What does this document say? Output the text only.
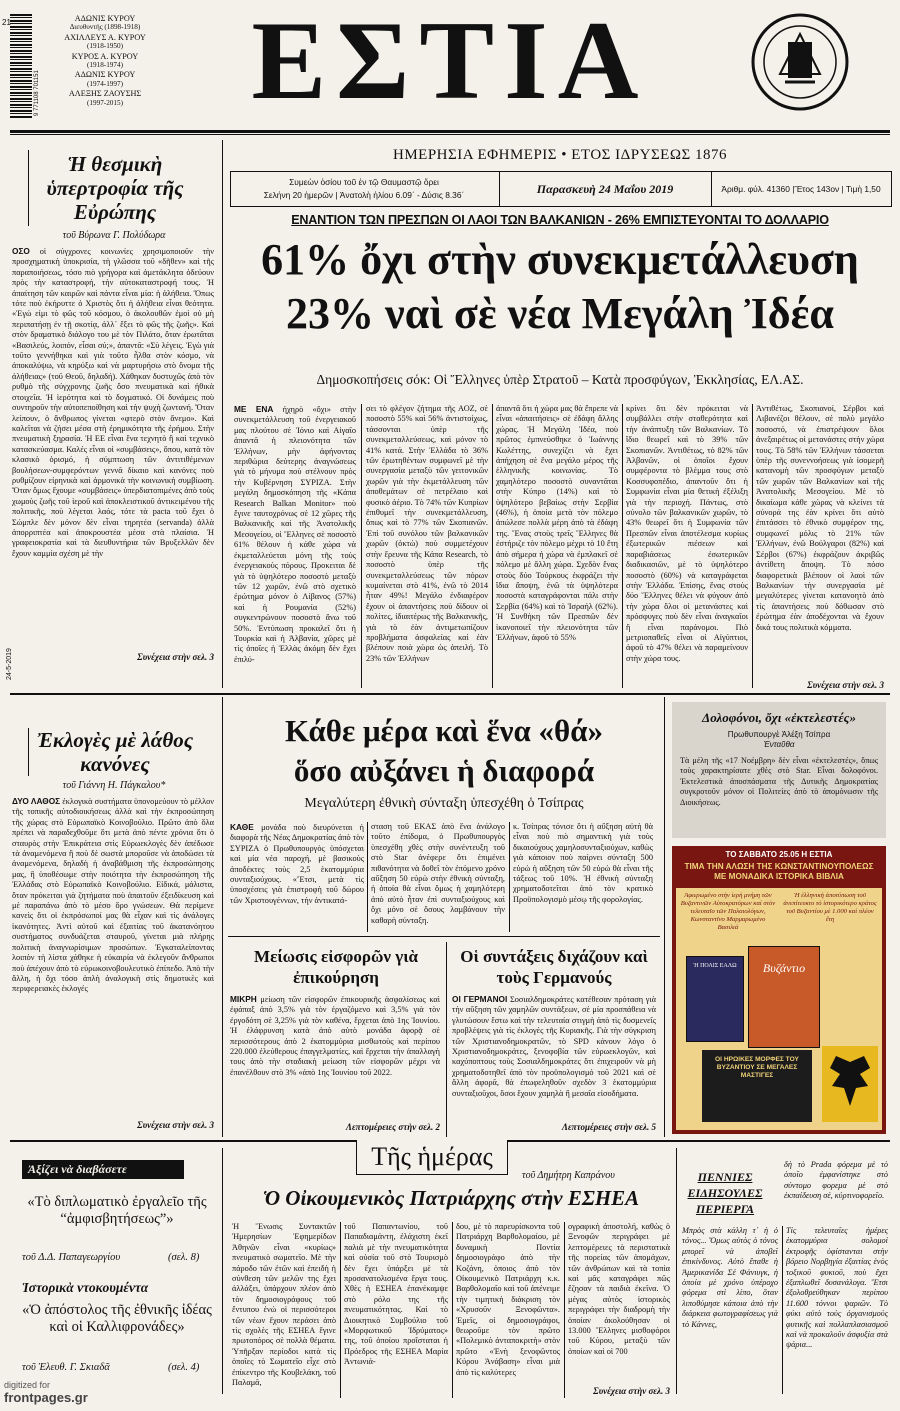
21
9 771108 701151
ΑΔΩΝΙΣ ΚΥΡΟΥ
Διευθυντής (1898-1918)
ΑΧΙΛΛΕΥΣ Α. ΚΥΡΟΥ
(1918-1950)
ΚΥΡΟΣ Α. ΚΥΡΟΥ
(1918-1974)
ΑΔΩΝΙΣ ΚΥΡΟΥ
(1974-1997)
ΑΛΕΞΗΣ ΖΑΟΥΣΗΣ
(1997-2015)	ΕΣΤΙΑ
ΗΜΕΡΗΣΙΑ ΕΦΗΜΕΡΙΣ • ΕΤΟΣ ΙΔΡΥΣΕΩΣ 1876
Συμεὼν ὁσίου τοῦ ἐν τῷ Θαυμαστῷ ὄρει
Σελήνη 20 ἡμερῶν | Ἀνατολὴ ἡλίου 6.09΄ - Δύσις 8.36΄	Παρασκευὴ 24 Μαΐου 2019	Ἀριθμ. φύλ. 41360 |Ἔτος 143ον | Τιμὴ 1,50
Ἡ θεσμικὴ ὑπερτροφία τῆς Εὐρώπης
τοῦ Βύρωνα Γ. Πολύδωρα
ΟΣΟ οἱ σύγχρονες κοινωνίες χρησιμοποιοῦν τὴν προσχηματικὴ ὑποκρισία, τὴ γλῶσσα τοῦ «δῆθεν» καὶ τῆς παραποιήσεως, τόσο πιὸ γρήγορα καὶ ἀμετάκλητα ὁδεύουν πρὸς τὴν καταστροφή, τὴν αὐτοκαταστροφή τους. Ἡ ἀπαίτηση τῶν καιρῶν καὶ πάντα εἶναι μία: ἡ ἀλήθεια. Ὅπως τότε ποὺ ἐκήρυττε ὁ Χριστὸς ὅτι ἡ ἀλήθεια εἶναι θεότητα. «Ἐγώ εἰμι τὸ φῶς τοῦ κόσμου, ὁ ἀκολουθῶν ἐμοὶ οὐ μὴ περιπατήσῃ ἐν τῇ σκοτίᾳ, ἀλλ᾽ ἕξει τὸ φῶς τῆς ζωῆς». Καὶ στὸν δραματικὸ διάλογο του μὲ τὸν Πιλάτο, ὅταν ἐρωτᾶται «Βασιλεύς, λοιπόν, εἶσαι σύ;», ἀπαντᾶ: «Σὺ λέγεις. Ἐγὼ γιὰ τοῦτο γεννήθηκα καὶ γιὰ τοῦτο ἦλθα στὸν κόσμο, νὰ ἀποκαλύψω, νὰ κηρύξω καὶ νὰ μαρτυρήσω στὸ ὄνομα τῆς ἀλήθειας» (τοῦ Θεοῦ, δηλαδή). Χάθηκαν δυστυχῶς ἀπὸ τὸν ρυθμὸ τῆς σύγχρονης ζωῆς ὅσο πνευματικὰ καὶ ἠθικὰ στοιχεῖα. Ἡ ἱερότητα καὶ τὸ δογματικό. Οἱ δυνάμεις ποὺ συντηροῦν τὴν αὐτοπεποίθηση καὶ τὴν ψυχὴ ζωντανή. Ὅταν λείπουν, ὁ ἄνθρωπος γίνεται «φτερὸ στὸν ἄνεμο». Καὶ καλεῖται νὰ ζήσει μέσα στὴ ἐρημικότητα τῆς ἐρήμου. Στὴν πνευματικὴ ξηρασία. Ἡ ΕΕ εἶναι ἕνα τεχνητὸ ἢ καὶ τεχνικὸ κατασκεύασμα. Καλές εἶναι οἱ «συμβάσεις», ὅπου, κατὰ τὸν κλασικὸ ὁρισμό, ἡ σύμπτωση τῶν ἀντιτιθέμενων βουλήσεων-συμφερόντων γεννᾶ δίκαιο καὶ κανόνες ποὺ ρυθμίζουν εἰρηνικὰ καὶ ἁρμονικὰ τὴν κοινωνικὴ συμβίωση. Ὅταν ὅμως ἔχουμε «συμβάσεις» ὑπερδιατοπιμένες ἀπὸ τοὺς χωμοὺς ζωῆς τοῦ ἱεροῦ καὶ ἀποκλειστικοῦ ἀντικειμένου τῆς πολιτικῆς, ποὺ λέγεται λαός, τότε τὰ pacta τοῦ ἔχει ὁ Σώμπλε δὲν μόνον δὲν εἶναι τηρητέα (servanda) ἀλλὰ ἀπορριπτέα καὶ ἀποκρουστέα μέσα στὰ πλαίσια. Ἡ γραφειοκρατία καὶ τὰ διευθυντήρια τῶν Βρυξελλῶν δὲν ἔχουν καμμία σχέση μὲ τὴν
Συνέχεια στὴν σελ. 3
24-5-2019
ΕΝΑΝΤΙΟΝ ΤΩΝ ΠΡΕΣΠΩΝ ΟΙ ΛΑΟΙ ΤΩΝ ΒΑΛΚΑΝΙΩΝ - 26% ΕΜΠΙΣΤΕΥΟΝΤΑΙ ΤΟ ΔΟΛΛΑΡΙΟ
61% ὄχι στὴν συνεκμετάλλευση
23% ναὶ σὲ νέα Μεγάλη Ἰδέα
Δημοσκοπήσεις σόκ: Οἱ Ἕλληνες ὑπὲρ Στρατοῦ – Κατὰ προσφύγων, Ἐκκλησίας, ΕΛ.ΑΣ.
ΜΕ ΕΝΑ ἠχηρὸ «ὄχι» στὴν συνεκμετάλλευση τοῦ ἐνεργειακοῦ μας πλούτου σὲ Ἰόνιο καὶ Αἰγαῖο ἀπαντᾶ ἡ πλειονότητα τῶν Ἑλλήνων, μὴν ἀφήνοντας περιθώρια δεύτερης ἀναγνώσεως γιὰ τὸ μήνυμα ποὺ στέλνουν πρὸς τὴν Κυβέρνηση ΣΥΡΙΖΑ. Στὴν μεγάλη δημοσκόπηση τῆς «Kάπα Research Balkan Monitor» ποὺ ἔγινε ταυτοχρόνως σὲ 12 χῶρες τῆς Βαλκανικῆς καὶ τῆς Ἀνατολικῆς Μεσογείου, οἱ Ἕλληνες σὲ ποσοστὸ 61% θέλουν ἡ κάθε χώρα νὰ ἐκμεταλλεύεται μόνη τῆς τοὺς ἐνεργειακοὺς πόρους. Προκειται δὲ γιὰ τὸ ὑψηλότερο ποσοστὸ μεταξὺ τῶν 12 χωρῶν, ἐνῶ στὸ σχετικὸ ἐρώτημα μόνον ὁ Λίβανος (57%) καὶ ἡ Ρουμανία (52%) συγκεντρώνουν ποσοστὸ ἄνω τοῦ 50%. Ἐντύπωση προκαλεῖ ὅτι ἡ Τουρκία καὶ ἡ Ἀλβανία, χῶρες μὲ τὶς ὁποῖες ἡ Ἑλλὰς ἀκόμη δὲν ἔχει ἐπιλύ-
σει τὸ φλέγον ζήτημα τῆς ΑΟΖ, σὲ ποσοστὸ 55% καὶ 56% ἀντιστοίχως, τάσσονται ὑπὲρ τῆς συνεκμεταλλεύσεως, καὶ μόνον τὸ 41% κατά. Στὴν Ἑλλάδα τὸ 36% τῶν ἐρωτηθέντων συμφωνεῖ μὲ τὴν συνεργασία μεταξὺ τῶν γειτονικῶν χωρῶν γιὰ τὴν ἐκμετάλλευση τῶν ἀποθεμάτων σὲ πετρέλαιο καὶ φυσικὸ ἀέριο. Τὸ 74% τῶν Κυπρίων ἐπιθυμεῖ τὴν συνεκμετάλλευση, ὅπως καὶ τὸ 77% τῶν Σκοπιανῶν. Ἐπὶ τοῦ συνόλου τῶν βαλκανικῶν χωρῶν (ὀκτὼ) ποὺ συμμετέχουν στὴν ἔρευνα τῆς Κάπα Research, τὸ ποσοστὸ ὑπὲρ τῆς συνεκμεταλλεύσεως τῶν πόρων κυμαίνεται στὸ 41%, ἐνῶ τὸ 2014 ἦταν 49%! Μεγάλο ἐνδιαφέρον ἔχουν οἱ ἀπαντήσεις ποὺ δίδουν οἱ πολίτες, ἰδιαιτέρως τῆς Βαλκανικῆς, γιὰ τὸ ἐὰν ἀντιμετωπίζουν προβλήματα ἀσφαλείας καὶ ἐὰν βλέπουν ποιὰ χώρα ὡς ἀπειλή. Τὸ 23% τῶν Ἑλλήνων
ἀπαντᾶ ὅτι ἡ χώρα μας θὰ ἔπρεπε νὰ εἶναι «ἀπαιτήσεις» σὲ ἐδάφη ἄλλης χώρας. Ἡ Μεγάλη Ἰδέα, ποὺ πρῶτος ἐμπνεύσθηκε ὁ Ἰωάννης Κωλέττης, συνεχίζει νὰ ἔχει ἀπήχηση σὲ ἕνα μεγάλο μέρος τῆς ἑλληνικῆς κοινωνίας. Τὸ χαμηλότερο ποσοστὸ συναντᾶται στὴν Κύπρο (14%) καὶ τὸ ὑψηλότερο βεβαίως στὴν Σερβία (46%), ἡ ὁποία μετὰ τὸν πόλεμο ἀπώλεσε πολλὰ μέρη ἀπὸ τὰ ἐδάφη της. Ἕνας στοὺς τρεῖς Ἕλληνες θὰ ἐστήριζε τὸν πόλεμο μέχρι τὸ 10 ἔτη ἀπὸ σήμερα ἡ χώρα νὰ ἐμπλακεῖ σὲ πόλεμο μὲ ἄλλη χώρα. Σχεδὸν ἕνας στοὺς δύο Τούρκους ἐκφράζει τὴν ἴδια ἄποψη, ἐνῶ τὰ ὑψηλότερα ποσοστὰ καταγράφονται πάλι στὴν Σερβία (64%) καὶ τὸ Ἰσραήλ (62%). Ἡ Συνθήκη τῶν Πρεσπῶν δὲν ἱκανοποιεῖ τὴν πλειονότητα τῶν Ἑλλήνων, ἀφοῦ τὸ 55%
κρίνει ὅτι δὲν πρόκειται νὰ συμβάλλει στὴν σταθερότητα καὶ τὴν ἀνάπτυξη τῶν Βαλκανίων. Τὸ ἴδιο θεωρεῖ καὶ τὸ 39% τῶν Σκοπιανῶν. Ἀντιθέτως, τὸ 82% τῶν Ἀλβανῶν, οἱ ὁποῖοι ἔχουν συμφέροντα τὸ βλέμμα τους στὸ Κοσσυφοπέδιο, ἀπαντοῦν ὅτι ἡ Συμφωνία εἶναι μία θετικὴ ἐξέλιξη γιὰ τὴν περιοχή. Πάντως, στὸ σύνολο τῶν βαλκανικῶν χωρῶν, τὸ 43% θεωρεῖ ὅτι ἡ Συμφωνία τῶν Πρεσπῶν εἶναι ἀποτέλεσμα κυρίως ἐξωτερικῶν πιέσεων καὶ παραβιάσεως ἐσωτερικῶν διαδικασιῶν, μὲ τὸ ὑψηλότερο ποσοστὸ (60%) νὰ καταγράφεται στὴν Ἑλλάδα. Ἐπίσης, ἕνας στοὺς δύο Ἕλληνες θέλει νὰ φύγουν ἀπὸ τὴν χώρα ὅλοι οἱ μετανάστες καὶ πρόσφυγες ποὺ δὲν εἶναι ἀναγκαῖοι ἢ εἶναι παράνομοι. Πιὸ μετριοπαθεῖς εἶναι οἱ Αἰγύπτιοι, ἀφοῦ τὸ 47% θέλει νὰ παραμείνουν στὴν χώρα τους.
Ἀντιθέτως, Σκοπιανοί, Σέρβοι καὶ Λιβανέζοι θέλουν, σὲ πολὺ μεγάλο ποσοστό, νὰ ἐπιστρέψουν ὅλοι ἀνεξαιρέτως οἱ μετανάστες στὴν χώρα τους. Τὸ 58% τῶν Ἑλλήνων τάσσεται ὑπὲρ τῆς συνεννοήσεως γιὰ ἰσομερῆ κατανομὴ τῶν προσφύγων μεταξὺ τῶν χωρῶν τῶν Βαλκανίων καὶ τῆς Ἀνατολικῆς Μεσογείου. Μὲ τὸ δικαίωμα κάθε χώρας νὰ κλείνει τὰ σύνορά της ἐὰν κρίνει ὅτι αὐτὸ ἐπιτάσσει τὸ ἐθνικὸ συμφέρον της, συμφωνεῖ μόλις τὸ 21% τῶν Ἑλλήνων, ἐνῶ Βούλγαροι (82%) καὶ Σέρβοι (67%) ἐκφράζουν ἀκριβῶς ἀντίθετη ἄποψη. Τὸ πόσο διαφορετικὰ βλέπουν οἱ λαοὶ τῶν Βαλκανίων τὴν συνεργασία μὲ μεγαλύτερες γίνεται κατανοητὸ ἀπὸ τὶς ἀπαντήσεις ποὺ δόθωσαν στὸ ἐρώτημα ἐὰν ἀποδέχονται νὰ ἔχουν δικά τους πολιτικὰ κόμματα.
Συνέχεια στὴν σελ. 3
Ἐκλογὲς μὲ λάθος κανόνες
τοῦ Γιάννη Η. Πάγκαλου*
ΔΥΟ ΛΑΘΟΣ ἐκλογικὰ συστήματα ὑπονομεύουν τὸ μέλλον τῆς τοπικῆς αὐτοδιοικήσεως ἀλλὰ καὶ τὴν ἐκπροσώπηση τῆς χώρας στὸ Εὐρωπαϊκὸ Κοινοβούλιο. Πρῶτο ἀπὸ ὅλα πρέπει νὰ παραδεχθοῦμε ὅτι μετὰ ἀπὸ πέντε χρόνια ὅτι ὁ σταυρὸς στὴν Ἐπικράτεια στὶς Εὐρωεκλογὲς δὲν ἀπέδωσε τὰ ἀναμενόμενα ἢ ποὺ δὲ σωστὰ μποροῦσε νὰ ἀποδώσει τὰ ἀναμενόμενα, δηλαδὴ ἡ ἀναβάθμιση τῆς ἐκπροσώπησης μας, ἢ ὑποθέσωμε στὴν ποιότητα τὴν ἐκπροσώπηση τῆς Ἑλλάδας στὸ Εὐρωπαϊκὸ Κοινοβούλιο. Εἰδικά, μάλιστα, ὅταν πρόκειται γιὰ ζητήματα ποὺ ἀπαιτοῦν ἐξειδίκευση καὶ μὲ παραπάνω ἀπὸ τὸ μέσο ὅρο γνώσεων. Θὰ περίμενε κανεὶς ὅτι οἱ ἐκπρόσωποί μας θὰ εἶχαν καὶ τὶς ἀνάλογες ἱκανότητες. Ἀντὶ αὐτοῦ καὶ ἐξαιτίας τοῦ ἀκατανόητου συστήματος συνδυάζεται σταυροῦ, γίνεται μιὰ πλήρης πολιτικὴ ἀναγνωρίσιμων προσώπων. Ἐγκαταλείποντας λοιπὸν τὴ λίστα χάθηκε ἡ εὐκαιρία νὰ ἐκλεγοῦν ἄνθρωποι ποὺ ἀπέχουν ἀπὸ τὸ εὐρωκοινοβουλευτικὸ ἐπίπεδο. Ἀπὸ τὴν ἄλλη, ἡ ὅχι τόσο ἁπλὴ ἀναλογικὴ στὶς δημοτικὲς καὶ περιφερειακὲς ἐκλογές
Συνέχεια στὴν σελ. 3
Κάθε μέρα καὶ ἕνα «θά»
ὅσο αὐξάνει ἡ διαφορά
Μεγαλύτερη ἐθνικὴ σύνταξη ὑπεσχέθη ὁ Τσίπρας
ΚΑΘΕ μονάδα ποὺ διευρύνεται ἡ διαφορὰ τῆς Νέας Δημοκρατίας ἀπὸ τὸν ΣΥΡΙΖΑ ὁ Πρωθυπουργὸς ὑπόσχεται καὶ μία νέα παροχή, μὲ βασικοὺς ἀποδέκτες τοὺς 2,5 ἑκατομμύρια συνταξιούχους. «Ἔτσι, μετὰ τὶς ὑποσχέσεις γιὰ ἐπιστροφὴ τοῦ δώρου τῶν Χριστουγέννων, τὴν ἀντικατά-
σταση τοῦ ΕΚΑΣ ἀπὸ ἕνα ἀνάλογο τοῦτο ἐπίδομα, ὁ Πρωθυπουργὸς ὑπεσχέθη χθὲς στὴν συνέντευξη τοῦ στὸ Star ἀνέφερε ὅτι ἐπιμένει πιθανότητα νὰ δοθεῖ τὸν ἐπόμενο χρόνο αὔξηση 50 εὐρὼ στὴν ἐθνικὴ σύνταξη, ἡ ὁποία θὰ εἶναι ὅμως ἡ χαμηλότερη ἀπὸ αὐτὸ ἦταν ἐπὶ συνταξιούχους καὶ ὄχι μόνο σὲ ὅσους λαμβάνουν τὴν καθαρὴ σύνταξη.
κ. Τσίπρας τόνισε ὅτι ἡ αὔξηση αὐτὴ θὰ εἶναι ποὺ πιὸ σημαντικὴ γιὰ τοὺς δικαιούχους χαμηλοσυνταξιούχων, καθὼς γιὰ κάποιον ποὺ παίρνει σύνταξη 500 εὐρὼ ἡ αὔξηση τῶν 50 εὐρὼ θὰ εἶναι τῆς τάξεως τοῦ 10%. Ἡ ἐθνικὴ σύνταξη χρηματοδοτεῖται ἀπὸ τὸν κρατικὸ Προϋπολογισμὸ μέσῳ τῆς φορολογίας.
Μείωσις εἰσφορῶν γιὰ ἐπικούρηση
ΜΙΚΡΗ μείωση τῶν εἰσφορῶν ἐπικουρικῆς ἀσφαλίσεως καὶ ἐφάπαξ ἀπὸ 3,5% γιὰ τὸν ἐργαζόμενο καὶ 3,5% γιὰ τὸν ἐργοδότη σὲ 3,25% γιὰ τὸν καθένα, ἔρχεται ἀπὸ 1ης Ἰουνίου. Ἡ ἐλάφρυνση κατὰ ἀπὸ αὐτὸ μονάδα ἀφορᾷ σὲ περισσότερους ἀπὸ 2 ἑκατομμύρια μισθωτοὺς καὶ περίπου 220.000 ἐλεύθερους ἐπαγγελματίες, καὶ ἔρχεται τὴν ἀπαλλαγὴ τους ἀπὸ τὴν σταδιακὴ μείωση τῶν εἰσφορῶν μέχρι νὰ ἐπανέλθουν στὸ 3% «ἀπὸ 1ης Ἰουνίου τοῦ 2022.
Λεπτομέρειες στὴν σελ. 2
Οἱ συντάξεις διχάζουν καὶ τοὺς Γερμανούς
ΟΙ ΓΕΡΜΑΝΟΙ Σοσιαλδημοκράτες κατέθεσαν πρόταση γιὰ τὴν αὔξηση τῶν χαμηλῶν συντάξεων, σὲ μία προσπάθεια νὰ γλυτώσουν ἔστω καὶ τὴν τελευταία στιγμὴ ἀπὸ τὶς δυσμενεῖς προβλέψεις γιὰ τὶς ἐκλογὲς τῆς Κυριακῆς. Γιὰ τὴν σύγκριση τῶν Χριστιανοδημοκρατῶν, τὸ SPD κάνουν λόγο ὁ Χριστιανοδημοκράτες, ξενοφοβία τῶν εὐρωεκλογῶν, καὶ καχύποπτους τοὺς Σοσιαλδημοκράτες ὅτι ἐπιχειροῦν νὰ μὴ χρηματοδοτηθεῖ ἀπὸ τὸν προϋπολογισμό τοῦ 2021 καὶ σὲ ἄλλη ἀφορᾶ, θὰ ἐπωφεληθοῦν σχεδὸν 3 ἑκατομμύρια συνταξιοῦχοι, ὅσοι ἔχουν χαμηλὰ ἢ μεσαῖα εἰσοδήματα.
Λεπτομέρειες στὴν σελ. 5
Δολοφόνοι, ὄχι «ἐκτελεστές»
Πρωθυπουργὲ Ἀλέξη Τσίπρα
Ἐνταῦθα
Τὰ μέλη τῆς «17 Νοέμβρη» δὲν εἶναι «ἐκτελεστές», ὅπως τοὺς χαρακτηρίσατε χθὲς στὸ Star. Εἶναι δολοφόνοι. Ἐκτελεστικὰ ἀποσπάσματα τῆς Δυτικῆς Δημοκρατίας συγκροτοῦν μόνον οἱ Πολιτείες ἀπὸ τὸ ἀπομόνωσιν τῆς Διοικήσεως.
ΤΟ ΣΑΒΒΑΤΟ 25.05 Η ΕΣΤΙΑ
ΤΙΜΑ ΤΗΝ ΑΛΩΣΗ ΤΗΣ ΚΩΝΣΤΑΝΤΙΝΟΥΠΟΛΕΩΣ ΜΕ ΜΟΝΑΔΙΚΑ ΙΣΤΟΡΙΚΑ ΒΙΒΛΙΑ
Ἀφιερωμένο στὴν ἱερὴ μνήμη τῶν Βυζαντινῶν Αὐτοκρατόρων καὶ στὸν τελευταῖο τῶν Παλαιολόγων, Κωνσταντῖνο Μαρμαρωμένο Βασιλιά
Ἡ ἑλληνικὴ ἀποτύπωση τοῦ ἀνεπίτευκτο τὸ ἰστορικότερο κράτος τοῦ Βυζαντίου μὲ 1.000 καὶ πλέον ἔτη
Ἡ ΠΟΛΙΣ ΕΑΛΩ	Βυζάντιο
ΟΙ ΗΡΩΙΚΕΣ ΜΟΡΦΕΣ ΤΟΥ ΒΥΖΑΝΤΙΟΥ ΣΕ ΜΕΓΑΛΕΣ ΜΑΣΤΙΓΕΣ
Ἀξίζει νὰ διαβάσετε
«Τὸ διπλωματικὸ ἐργαλεῖο τῆς “ἀμφισβητήσεως”»
τοῦ Δ.Δ. Παπαγεωργίου	(σελ. 8)
Ἱστορικὰ ντοκουμέντα
«Ὁ ἀπόστολος τῆς ἐθνικῆς ἰδέας καὶ οἱ Καλλιφρονάδες»
τοῦ Ἐλευθ. Γ. Σκιαδᾶ	(σελ. 4)
Τῆς ἡμέρας
τοῦ Δημήτρη Καπράνου
Ὁ Οἰκουμενικὸς Πατριάρχης στὴν ΕΣΗΕΑ
Ἡ Ἕνωσις Συντακτῶν Ἡμερησίων Ἐφημερίδων Ἀθηνῶν εἶναι «κυρίως» πνευματικὸ σωματεῖο. Μὲ τὴν πάροδο τῶν ἐτῶν καὶ ἐπειδὴ ἡ σύνθεση τῶν μελῶν της ἔχει ἀλλάξει, ὑπάρχουν πλέον ἀπὸ τὸν δημοσιογράφους τοῦ ἔντυπου ἐνώ οἱ περισσότεροι τῶν νέων ἔχουν περάσει ἀπὸ τὶς σχολὲς τῆς ΕΣΗΕΑ ἔγινε πρωτοπόρος σὲ πολλὰ θέματα. Ὑπῆρξαν περίοδοι κατὰ τὶς ὁποῖες τὸ Σωματεῖο εἶχε στὸ ἐπίκεντρο τῆς Κουβελάκη, τοῦ Παλαμᾶ,
τοῦ Παπαντωνίου, τοῦ Παπαδιαμάντη, ἐλάχιστη ἐκεῖ παλιὰ μὲ τὴν πνευματικότητα καὶ οὐσία τοῦ στὸ Τουρισμὸ δὲν ἔχει ὑπάρξει μὲ τὰ προσανατολισμένα ἔργα τους. Χθὲς ἡ ΕΣΗΕΑ ἐπανέκαμψε στὸ ρόλο της τῆς πνευματικότητας. Καὶ τὸ Διοικητικὸ Συμβούλιο τοῦ «Μορφωτικοῦ Ἱδρύματος» της, τοῦ ὁποίου προΐσταται ἡ Πρόεδρος τῆς ΕΣΗΕΑ Μαρία Ἀντωνιά-
δου, μὲ τὸ παρευρίσκοντα τοῦ Πατριάρχη Βαρθολομαίου, μὲ δυναμικὴ Ποντία δημοσιογράφο ἀπὸ τὴν Κοζάνη, ὁποιος ἀπὸ τὸν Οἰκουμενικὸ Πατριάρχη κ.κ. Βαρθολομαῖο καὶ τοῦ ἀπένειμε τὴν τιμητικὴ διάκριση τὸν «Χρυσοῦν Ξενοφῶντα». Ἐμεῖς, οἱ δημοσιογράφοι, θεωροῦμε τὸν πρῶτο «Πολεμικὸ ἀνταποκριτὴ» στὸν πρῶτο «Ἐνὴ ξενοφῶντος Κύρου Ἀνάβαση» εἶναι μιὰ ἀπὸ τὶς καλύτερες
ογραφικὴ ἀποστολή, καθὼς ὁ Ξενοφῶν περιγράφει μὲ λεπτομέρειες τὰ περιστατικὰ τῆς πορείας τῶν ἀπομάχων, τῶν ἀνθρώπων καὶ τὰ τοπία καὶ μᾶς καταγράφει πῶς ἔζησαν τὰ παιδιὰ ἐκεῖνα. Ὁ μέγας αὐτὸς ἱστορικὸς περιγράφει τὴν διαδρομὴ τὴν ὁποίαν ἀκολούθησαν οἱ 13.000 Ἕλληνες μισθοφόροι τοῦ Κύρου, μεταξὺ τῶν ὁποίων καὶ οἱ 700
Συνέχεια στὴν σελ. 3
ΠΕΝΝΙΕΣ
ΕΙΔΗΣΟΥΛΕΣ
ΠΕΡΙΕΡΓΑ
δὴ τὸ Prada φόρεμα μὲ τὸ ὁποῖο ἐμφανίστηκε στὸ σύντομο φορεμα μὲ στὸ ἐκπαίδευση σέ, κύρτινοφορεῖο.
Μπρὸς στὰ κάλλη τ᾽ ἡ ὁ τόνος... Ὅμως αὐτὸς ὁ τόνος μπορεῖ νὰ ἀποβεῖ ἐπικίνδυνος. Αὐτὸ ἔπαθε ἡ Ἀμερικανίδα Σέ Φάνιυγκ, ἡ ὁποία μὲ χρόνο ὑπέροχο φόρεμα στὶ λίπο, ὅταν λιποθύμησε κάποια ἀπὸ τὴν διάρκεια φωτογραφίσεως γιὰ τὸ Κάννες,
Τὶς τελευταῖες ἡμέρες ἑκατομμύρια σολομοὶ ἐκτροφῆς ὑφίστανται στὴν βόρειο Νορβηγία ἐξαιτίας ἑνὸς τοξικοῦ φυκιοῦ, ποὺ ἔχει ἐξαπλωθεῖ δυσανάλογα. Ἔτσι ἐξολοθρεύθηκαν περίπου 11.600 τόννοι ψαριῶν. Τὸ φύκι αὐτὸ τοὺς ὀργανισμοὺς φυτικῆς καὶ πολλαπλασιασμοῦ καὶ νὰ προκαλοῦν ἀσφυξία στὰ ψάρια...
digitized for
frontpages.gr
